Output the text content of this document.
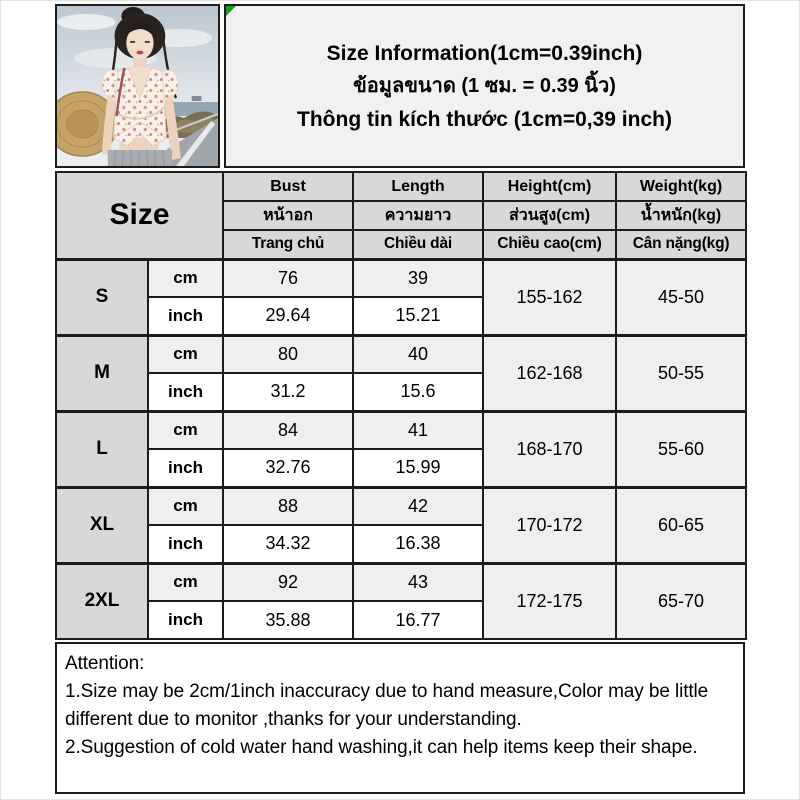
Size Information(1cm=0.39inch)
ข้อมูลขนาด (1 ซม. = 0.39 นิ้ว)
Thông tin kích thước (1cm=0,39 inch)
Size		Bust	Length	Height(cm)	Weight(kg)
		หน้าอก	ความยาว	ส่วนสูง(cm)	น้ำหนัก(kg)
		Trang chủ	Chiều dài	Chiều cao(cm)	Cân nặng(kg)
S	cm	76	39	155-162	45-50
	inch	29.64	15.21		
M	cm	80	40	162-168	50-55
	inch	31.2	15.6		
L	cm	84	41	168-170	55-60
	inch	32.76	15.99		
XL	cm	88	42	170-172	60-65
	inch	34.32	16.38		
2XL	cm	92	43	172-175	65-70
	inch	35.88	16.77		
Attention:
1.Size may be 2cm/1inch inaccuracy due to hand measure,Color may be little different due to monitor ,thanks for your understanding.
2.Suggestion of cold water hand washing,it can help items keep their shape.
